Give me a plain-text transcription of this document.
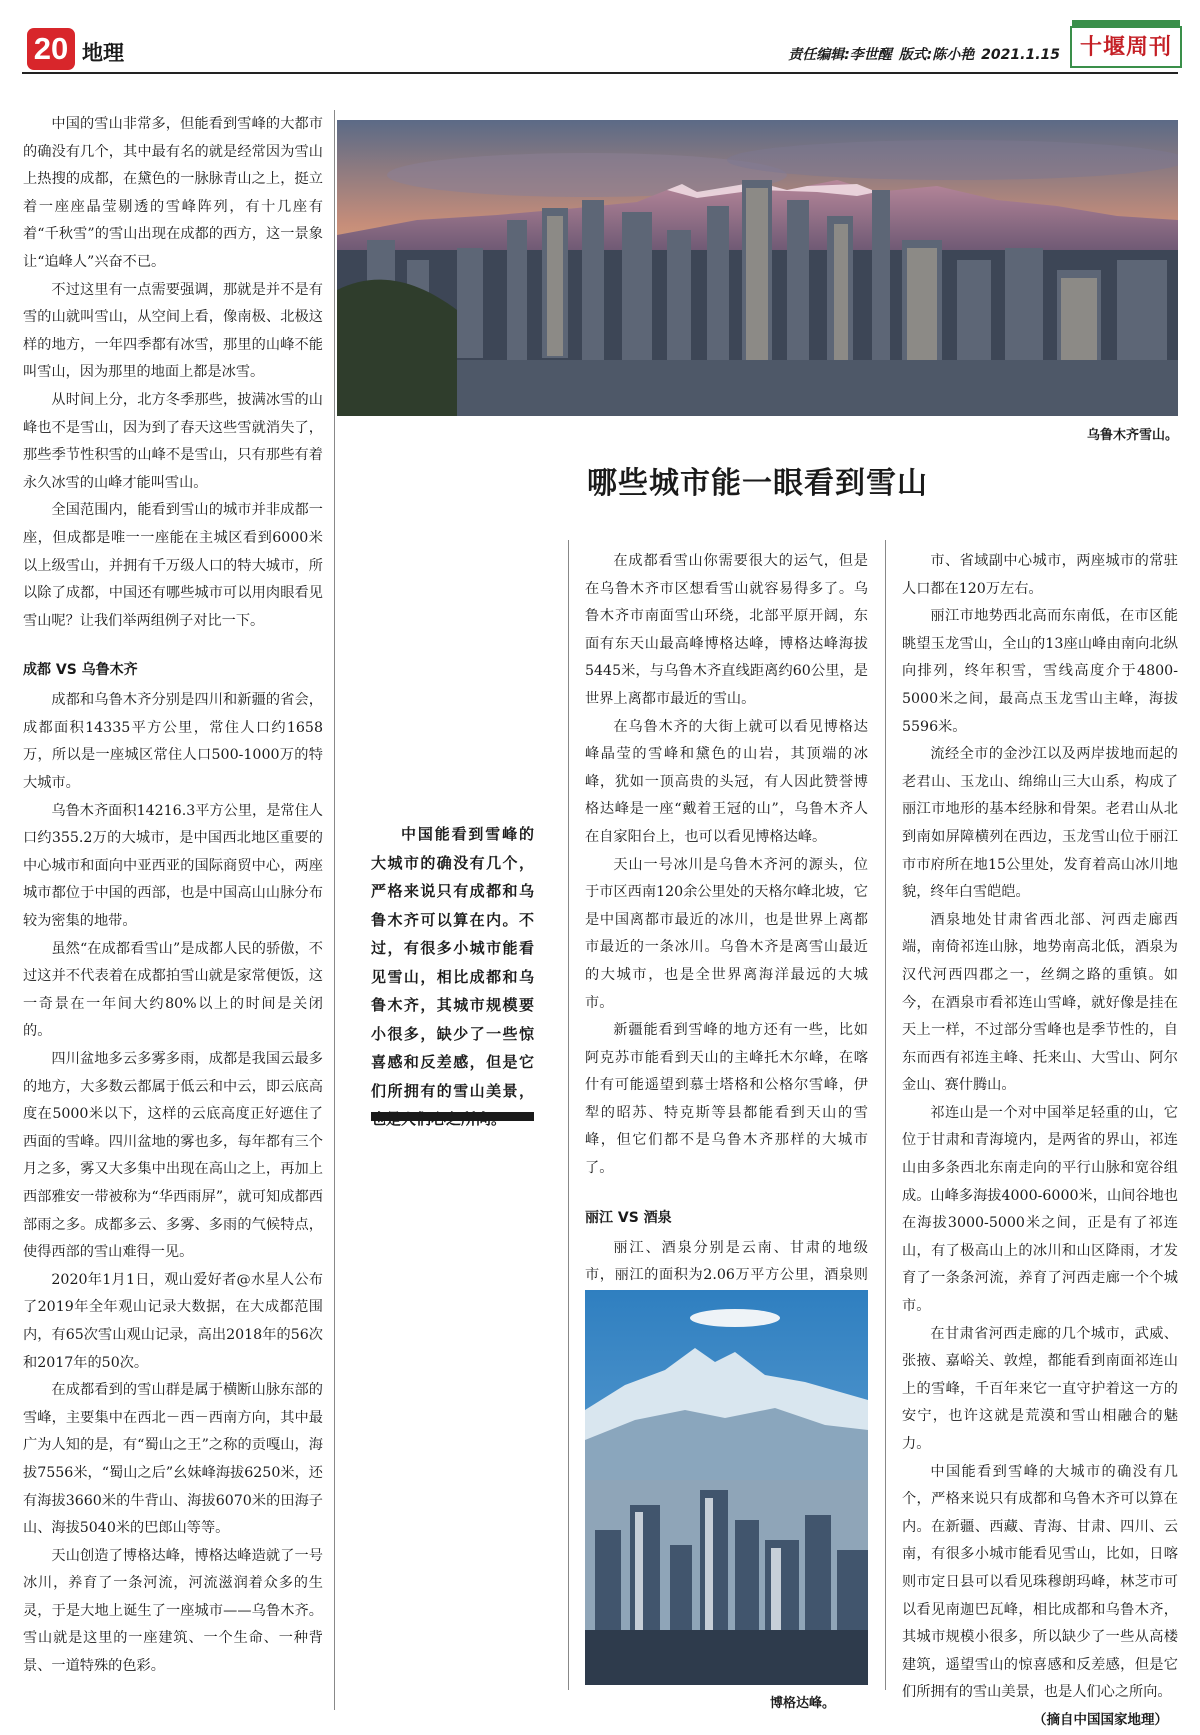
20 地理	责任编辑:李世醒 版式:陈小艳 2021.1.15 十堰周刊

中国的雪山非常多，但能看到雪峰的大都市的确没有几个，其中最有名的就是经常因为雪山上热搜的成都，在黛色的一脉脉青山之上，挺立着一座座晶莹剔透的雪峰阵列，有十几座有着“千秋雪”的雪山出现在成都的西方，这一景象让“追峰人”兴奋不已。

不过这里有一点需要强调，那就是并不是有雪的山就叫雪山，从空间上看，像南极、北极这样的地方，一年四季都有冰雪，那里的山峰不能叫雪山，因为那里的地面上都是冰雪。

从时间上分，北方冬季那些，披满冰雪的山峰也不是雪山，因为到了春天这些雪就消失了，那些季节性积雪的山峰不是雪山，只有那些有着永久冰雪的山峰才能叫雪山。

全国范围内，能看到雪山的城市并非成都一座，但成都是唯一一座能在主城区看到6000米以上级雪山，并拥有千万级人口的特大城市，所以除了成都，中国还有哪些城市可以用肉眼看见雪山呢？让我们举两组例子对比一下。

成都 VS 乌鲁木齐

成都和乌鲁木齐分别是四川和新疆的省会，成都面积14335平方公里，常住人口约1658万，所以是一座城区常住人口500-1000万的特大城市。

乌鲁木齐面积14216.3平方公里，是常住人口约355.2万的大城市，是中国西北地区重要的中心城市和面向中亚西亚的国际商贸中心，两座城市都位于中国的西部，也是中国高山山脉分布较为密集的地带。

虽然“在成都看雪山”是成都人民的骄傲，不过这并不代表着在成都拍雪山就是家常便饭，这一奇景在一年间大约80%以上的时间是关闭的。

四川盆地多云多雾多雨，成都是我国云最多的地方，大多数云都属于低云和中云，即云底高度在5000米以下，这样的云底高度正好遮住了西面的雪峰。四川盆地的雾也多，每年都有三个月之多，雾又大多集中出现在高山之上，再加上西部雅安一带被称为“华西雨屏”，就可知成都西部雨之多。成都多云、多雾、多雨的气候特点，使得西部的雪山难得一见。

2020年1月1日，观山爱好者@水星人公布了2019年全年观山记录大数据，在大成都范围内，有65次雪山观山记录，高出2018年的56次和2017年的50次。

在成都看到的雪山群是属于横断山脉东部的雪峰，主要集中在西北－西－西南方向，其中最广为人知的是，有“蜀山之王”之称的贡嘎山，海拔7556米，“蜀山之后”幺妹峰海拔6250米，还有海拔3660米的牛背山、海拔6070米的田海子山、海拔5040米的巴郎山等等。

天山创造了博格达峰，博格达峰造就了一号冰川，养育了一条河流，河流滋润着众多的生灵，于是大地上诞生了一座城市——乌鲁木齐。雪山就是这里的一座建筑、一个生命、一种背景、一道特殊的色彩。

乌鲁木齐雪山。
哪些城市能一眼看到雪山

中国能看到雪峰的大城市的确没有几个，严格来说只有成都和乌鲁木齐可以算在内。不过，有很多小城市能看见雪山，相比成都和乌鲁木齐，其城市规模要小很多，缺少了一些惊喜感和反差感，但是它们所拥有的雪山美景，

在成都看雪山你需要很大的运气，但是在乌鲁木齐市区想看雪山就容易得多了。乌鲁木齐市南面雪山环绕，北部平原开阔，东面有东天山最高峰博格达峰，博格达峰海拔5445米，与乌鲁木齐直线距离约60公里，是世界上离都市最近的雪山。

在乌鲁木齐的大街上就可以看见博格达峰晶莹的雪峰和黛色的山岩，其顶端的冰峰，犹如一顶高贵的头冠，有人因此赞誉博格达峰是一座“戴着王冠的山”，乌鲁木齐人在自家阳台上，也可以看见博格达峰。

天山一号冰川是乌鲁木齐河的源头，位于市区西南120余公里处的天格尔峰北坡，它是中国离都市最近的冰川，也是世界上离都市最近的一条冰川。乌鲁木齐是离雪山最近的大城市，也是全世界离海洋最远的大城市。

新疆能看到雪峰的地方还有一些，比如阿克苏市能看到天山的主峰托木尔峰，在喀什有可能遥望到慕士塔格和公格尔雪峰，伊犁的昭苏、特克斯等县都能看到天山的雪峰，但它们都不是乌鲁木齐那样的大城市了。

丽江 VS 酒泉

丽江、酒泉分别是云南、甘肃的地级市，丽江的面积为2.06万平方公里，酒泉则

博格达峰。

市、省域副中心城市，两座城市的常驻人口都在120万左右。

丽江市地势西北高而东南低，在市区能眺望玉龙雪山，全山的13座山峰由南向北纵向排列，终年积雪，雪线高度介于4800-5000米之间，最高点玉龙雪山主峰，海拔5596米。

流经全市的金沙江以及两岸拔地而起的老君山、玉龙山、绵绵山三大山系，构成了丽江市地形的基本经脉和骨架。老君山从北到南如屏障横列在西边，玉龙雪山位于丽江市市府所在地15公里处，发育着高山冰川地貌，终年白雪皑皑。

酒泉地处甘肃省西北部、河西走廊西端，南倚祁连山脉，地势南高北低，酒泉为汉代河西四郡之一，丝绸之路的重镇。如今，在酒泉市看祁连山雪峰，就好像是挂在天上一样，不过部分雪峰也是季节性的，自东而西有祁连主峰、托来山、大雪山、阿尔金山、赛什腾山。

祁连山是一个对中国举足轻重的山，它位于甘肃和青海境内，是两省的界山，祁连山由多条西北东南走向的平行山脉和宽谷组成。山峰多海拔4000-6000米，山间谷地也在海拔3000-5000米之间，正是有了祁连山，有了极高山上的冰川和山区降雨，才发育了一条条河流，养育了河西走廊一个个城市。

在甘肃省河西走廊的几个城市，武威、张掖、嘉峪关、敦煌，都能看到南面祁连山上的雪峰，千百年来它一直守护着这一方的安宁，也许这就是荒漠和雪山相融合的魅力。

中国能看到雪峰的大城市的确没有几个，严格来说只有成都和乌鲁木齐可以算在内。在新疆、西藏、青海、甘肃、四川、云南，有很多小城市能看见雪山，比如，日喀则市定日县可以看见珠穆朗玛峰，林芝市可以看见南迦巴瓦峰，相比成都和乌鲁木齐，其城市规模小很多，所以缺少了一些从高楼建筑，遥望雪山的惊喜感和反差感，但是它们所拥有的雪山美景，也是人们心之所向。

（摘自中国国家地理）
